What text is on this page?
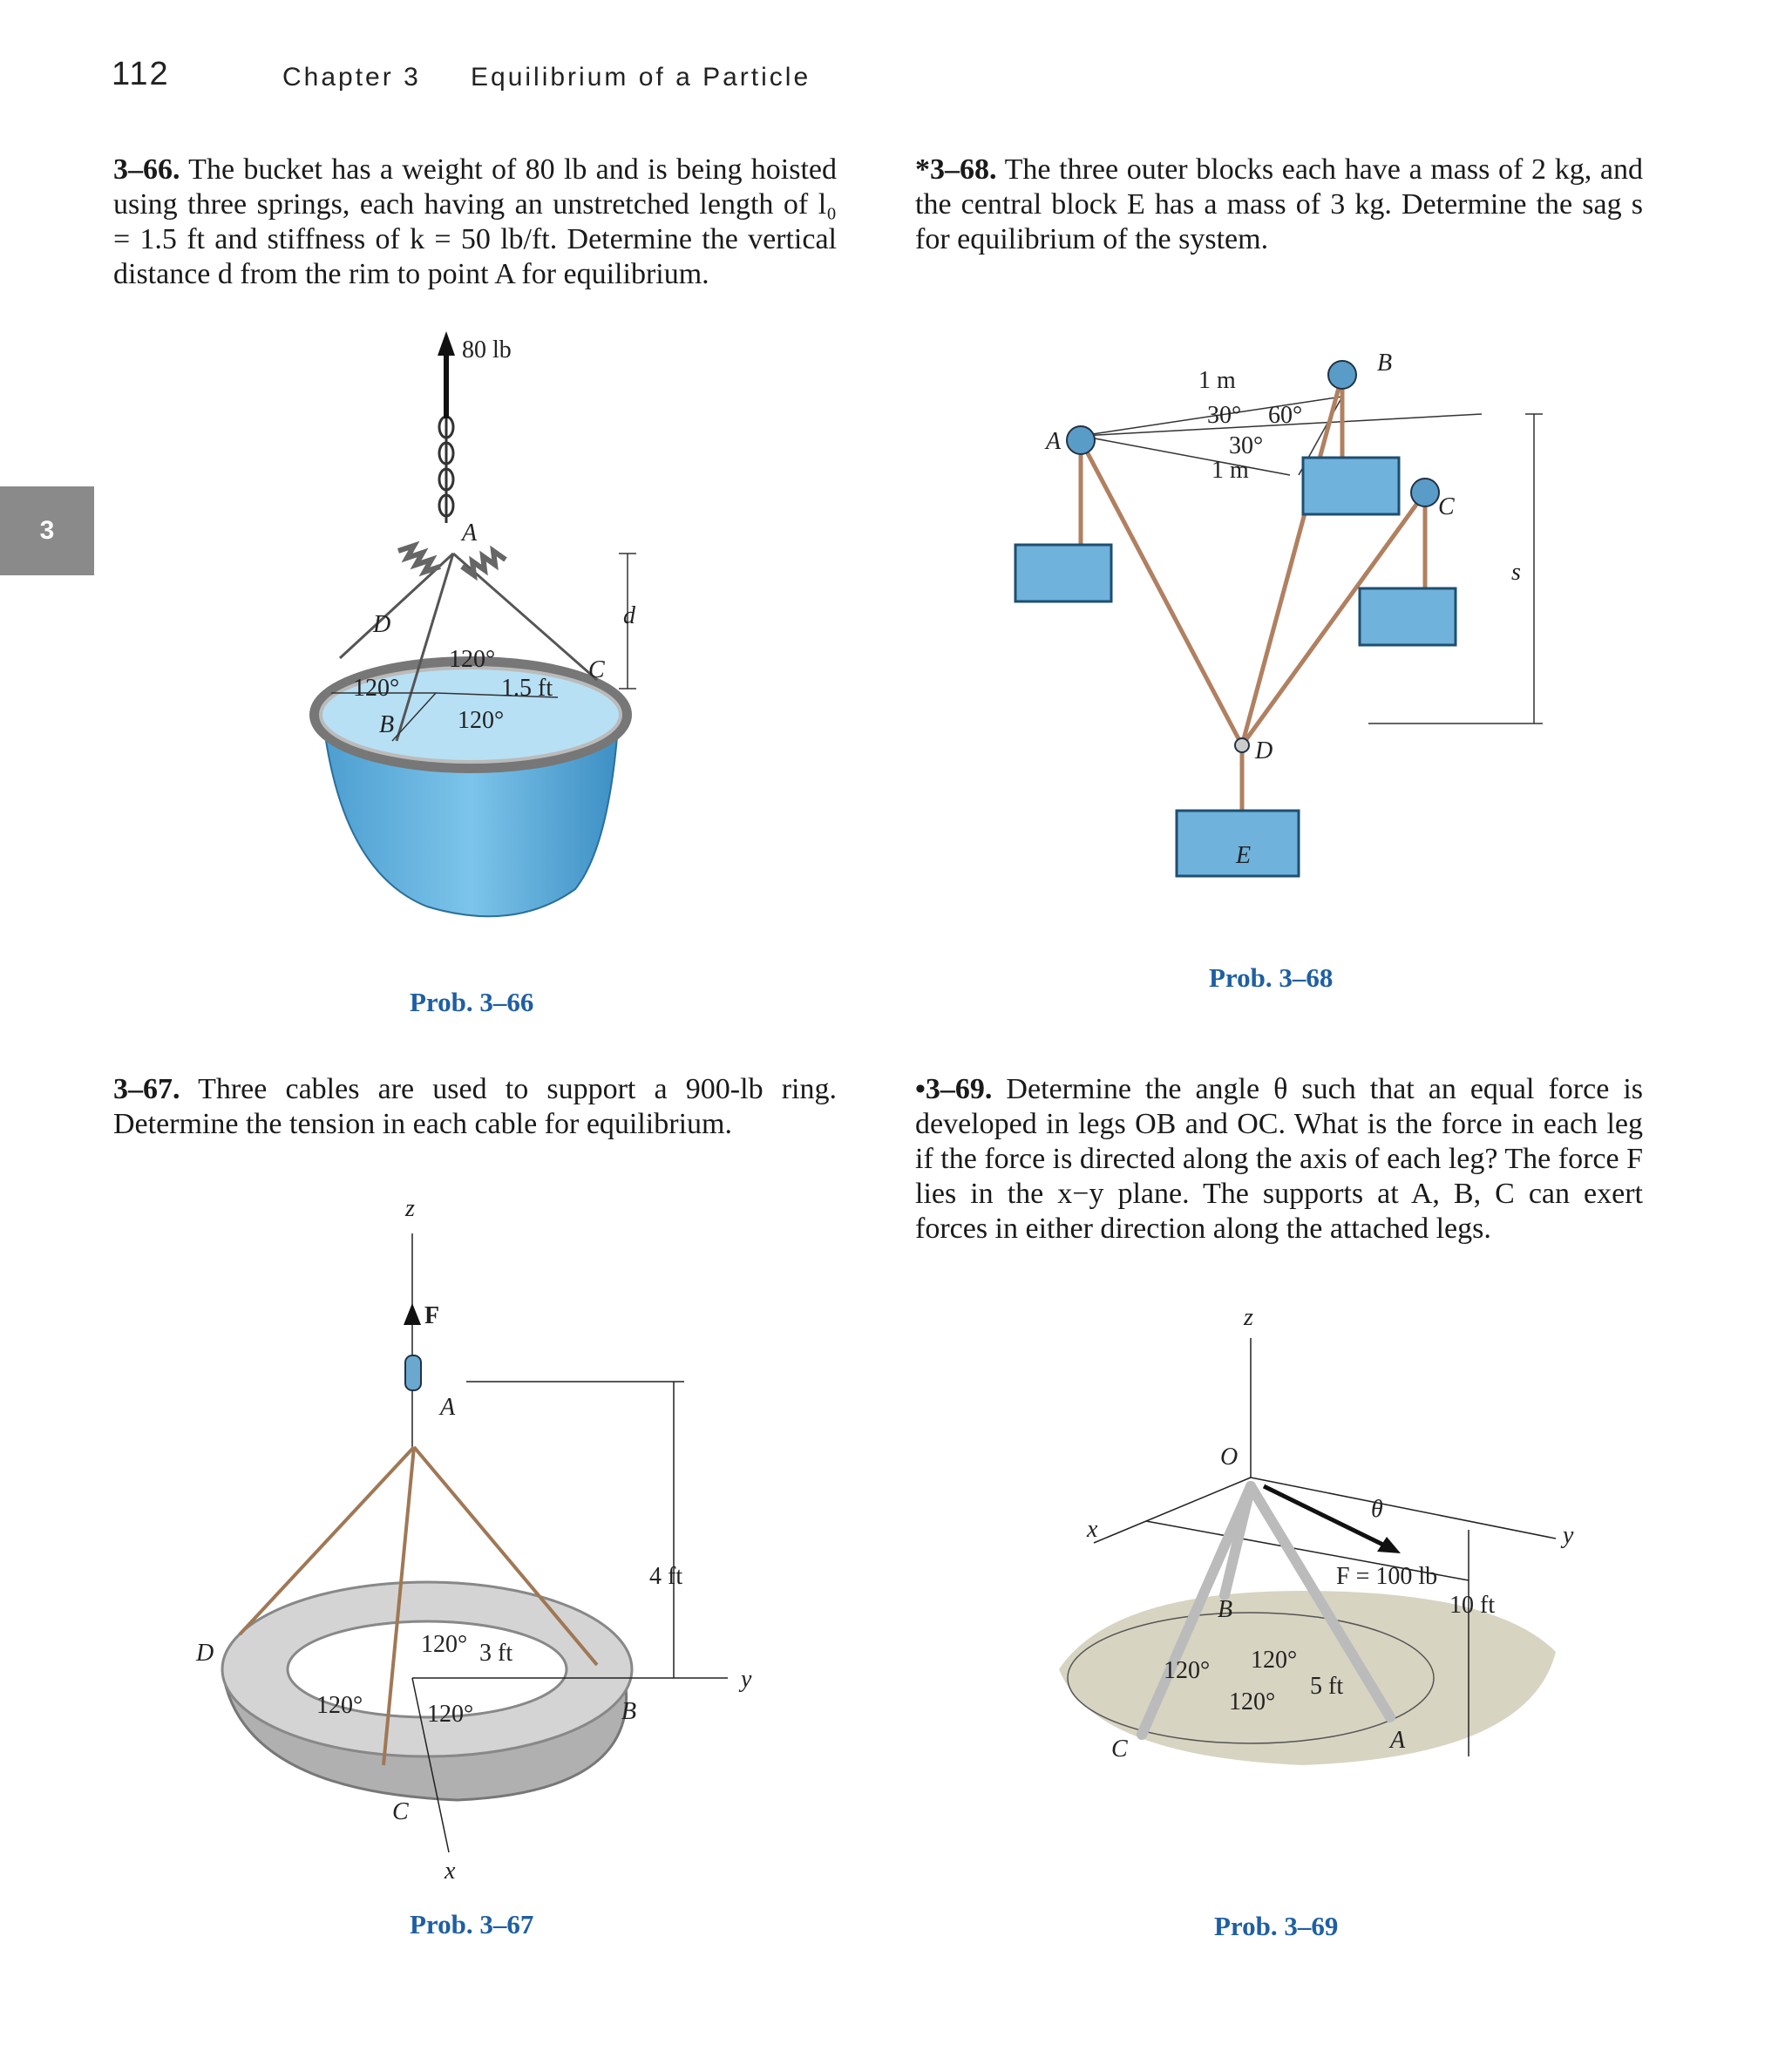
112	Chapter 3 Equilibrium of a Particle
3
3–66. The bucket has a weight of 80 lb and is being hoisted using three springs, each having an unstretched length of l₀ = 1.5 ft and stiffness of k = 50 lb/ft. Determine the vertical distance d from the rim to point A for equilibrium.
*3–68. The three outer blocks each have a mass of 2 kg, and the central block E has a mass of 3 kg. Determine the sag s for equilibrium of the system.
3–67. Three cables are used to support a 900-lb ring. Determine the tension in each cable for equilibrium.
•3–69. Determine the angle θ such that an equal force is developed in legs OB and OC. What is the force in each leg if the force is directed along the axis of each leg? The force F lies in the x−y plane. The supports at A, B, C can exert forces in either direction along the attached legs.
Prob. 3–66
Prob. 3–68
Prob. 3–67	Prob. 3–69
80 lb
A
d
D
C
B
120°
120°
120°
1.5 ft
1 m
30° 60°
30°
1 m
A
B
C
D
E
s
z
F
A
4 ft
D
y
B
C
x
120°
120°	120°
3 ft
z
O
x	y
θ
F = 100 lb
10 ft
B
120° 120°
120°
5 ft
C	A
